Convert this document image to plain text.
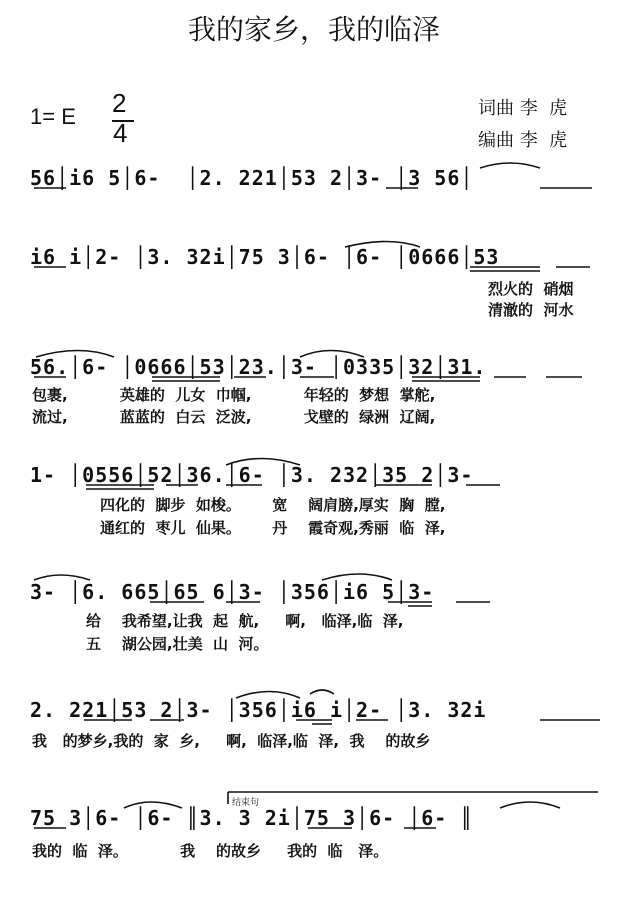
我的家乡，我的临泽
1= E 2
4
词曲 李  虎
编曲 李  虎
56│i6 5│6-  │2. 221│53 2│3- │3 56│
i6 i│2- │3. 32i│75 3│6- │6- │0666│53
烈火的  硝烟
清澈的  河水
56.│6- │0666│53│23.│3- │0335│32│31.
包裹,          英雄的  儿女  巾帼,          年轻的  梦想  掌舵,
流过,          蓝蓝的  白云  泛波,          戈壁的  绿洲  辽阔,
1- │0556│52│36.│6- │3. 232│35 2│3-
四化的  脚步  如梭。      宽    阔肩膀,厚实  胸  膛,
通红的  枣儿  仙果。      丹    霞奇观,秀丽  临  泽,
3- │6. 665│65 6│3- │356│i6 5│3-
给    我希望,让我  起  航,     啊,   临泽,临  泽,
五    湖公园,壮美  山  河。
2. 221│53 2│3- │356│i6 i│2- │3. 32i
我   的梦乡,我的  家  乡,     啊,  临泽,临  泽,  我    的故乡
结束句
75 3│6- │6- ║3. 3 2i│75 3│6- │6- ║
我的  临  泽。          我    的故乡     我的  临   泽。
